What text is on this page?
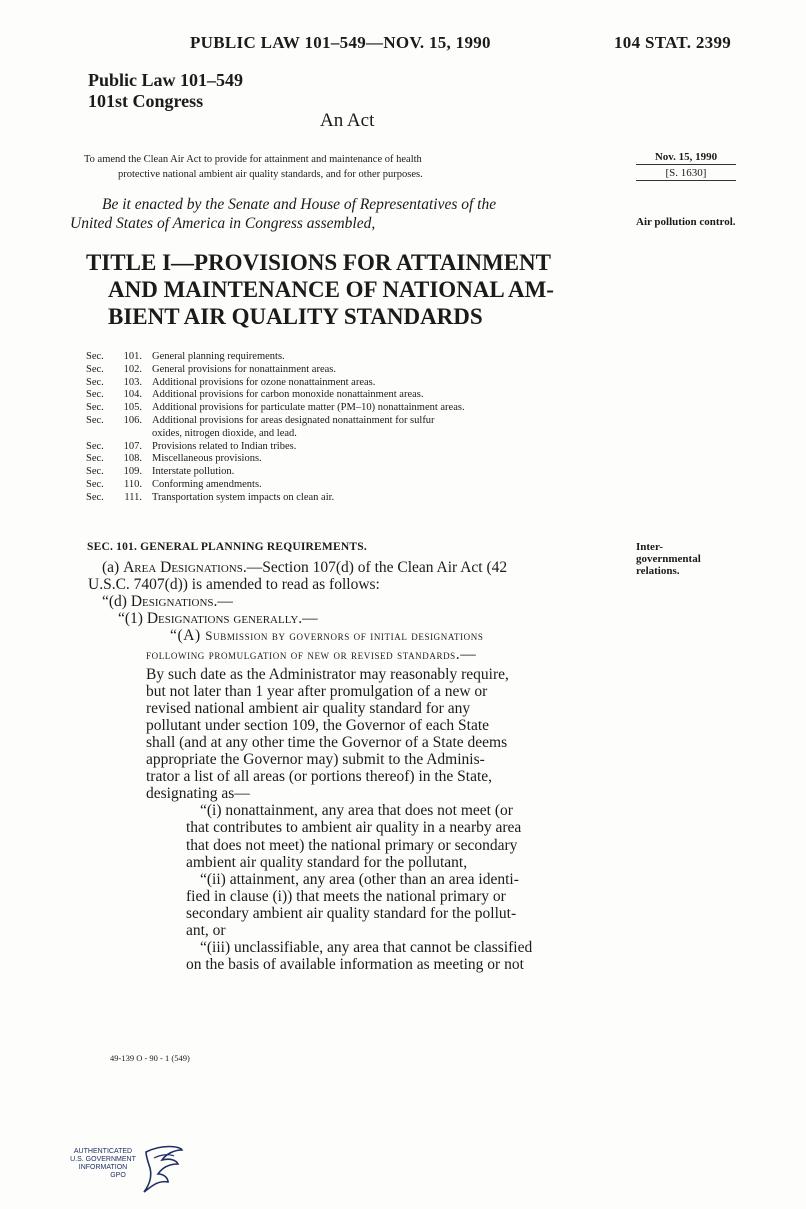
PUBLIC LAW 101–549—NOV. 15, 1990	104 STAT. 2399
Public Law 101–549
101st Congress
An Act
To amend the Clean Air Act to provide for attainment and maintenance of health
protective national ambient air quality standards, and for other purposes.
Nov. 15, 1990
[S. 1630]
Be it enacted by the Senate and House of Representatives of the
United States of America in Congress assembled,	Air pollution control.
TITLE I—PROVISIONS FOR ATTAINMENT
AND MAINTENANCE OF NATIONAL AM-
BIENT AIR QUALITY STANDARDS
Sec.	101. General planning requirements.
Sec.	102. General provisions for nonattainment areas.
Sec.	103. Additional provisions for ozone nonattainment areas.
Sec.	104. Additional provisions for carbon monoxide nonattainment areas.
Sec.	105. Additional provisions for particulate matter (PM–10) nonattainment areas.
Sec.	106. Additional provisions for areas designated nonattainment for sulfur
oxides, nitrogen dioxide, and lead.
Sec.	107. Provisions related to Indian tribes.
Sec.	108. Miscellaneous provisions.
Sec.	109. Interstate pollution.
Sec.	110. Conforming amendments.
Sec.	111. Transportation system impacts on clean air.
SEC. 101. GENERAL PLANNING REQUIREMENTS.	Inter-governmental relations.

(a) Area Designations.—Section 107(d) of the Clean Air Act (42

U.S.C. 7407(d)) is amended to read as follows:

“(d) Designations.—

“(1) Designations generally.—

“(A) Submission by governors of initial designations

following promulgation of new or revised standards.—

By such date as the Administrator may reasonably require,

but not later than 1 year after promulgation of a new or

revised national ambient air quality standard for any

pollutant under section 109, the Governor of each State

shall (and at any other time the Governor of a State deems

appropriate the Governor may) submit to the Adminis-

trator a list of all areas (or portions thereof) in the State,

designating as—

“(i) nonattainment, any area that does not meet (or

that contributes to ambient air quality in a nearby area

that does not meet) the national primary or secondary

ambient air quality standard for the pollutant,

“(ii) attainment, any area (other than an area identi-

fied in clause (i)) that meets the national primary or

secondary ambient air quality standard for the pollut-

ant, or

“(iii) unclassifiable, any area that cannot be classified

on the basis of available information as meeting or not

49-139 O - 90 - 1 (549)
AUTHENTICATED
U.S. GOVERNMENT
INFORMATION
GPO
